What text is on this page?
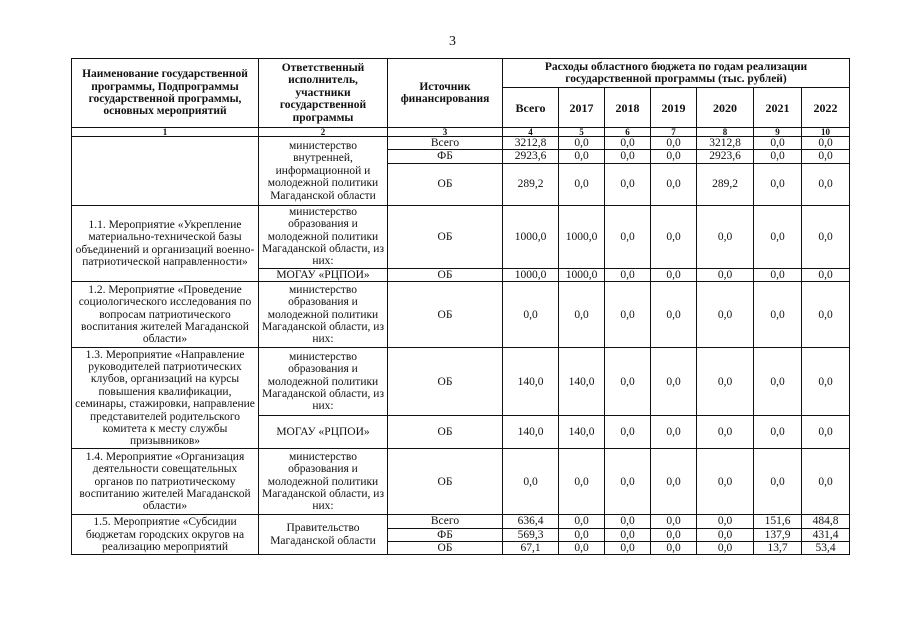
3
Наименование государственной программы, Подпрограммы государственной программы, основных мероприятий	Ответственный исполнитель, участники государственной программы	Источник финансирования	Расходы областного бюджета по годам реализации государственной программы (тыс. рублей)						
			Всего	2017	2018	2019	2020	2021	2022
1	2	3	4	5	6	7	8	9	10
	министерство внутренней, информационной и молодежной политики Магаданской области	Всего	3212,8	0,0	0,0	0,0	3212,8	0,0	0,0
		ФБ	2923,6	0,0	0,0	0,0	2923,6	0,0	0,0
		ОБ	289,2	0,0	0,0	0,0	289,2	0,0	0,0
1.1. Мероприятие «Укрепление материально-технической базы объединений и организаций военно-патриотической направленности»	министерство образования и молодежной политики Магаданской области, из них:	ОБ	1000,0	1000,0	0,0	0,0	0,0	0,0	0,0
	МОГАУ «РЦПОИ»	ОБ	1000,0	1000,0	0,0	0,0	0,0	0,0	0,0
1.2. Мероприятие «Проведение социологического исследования по вопросам патриотического воспитания жителей Магаданской области»	министерство образования и молодежной политики Магаданской области, из них:	ОБ	0,0	0,0	0,0	0,0	0,0	0,0	0,0
1.3. Мероприятие «Направление руководителей патриотических клубов, организаций на курсы повышения квалификации, семинары, стажировки, направление представителей родительского комитета к месту службы призывников»	министерство образования и молодежной политики Магаданской области, из них:	ОБ	140,0	140,0	0,0	0,0	0,0	0,0	0,0
	МОГАУ «РЦПОИ»	ОБ	140,0	140,0	0,0	0,0	0,0	0,0	0,0
1.4. Мероприятие «Организация деятельности совещательных органов по патриотическому воспитанию жителей Магаданской области»	министерство образования и молодежной политики Магаданской области, из них:	ОБ	0,0	0,0	0,0	0,0	0,0	0,0	0,0
1.5. Мероприятие «Субсидии бюджетам городских округов на реализацию мероприятий	Правительство Магаданской области	Всего	636,4	0,0	0,0	0,0	0,0	151,6	484,8
		ФБ	569,3	0,0	0,0	0,0	0,0	137,9	431,4
		ОБ	67,1	0,0	0,0	0,0	0,0	13,7	53,4
